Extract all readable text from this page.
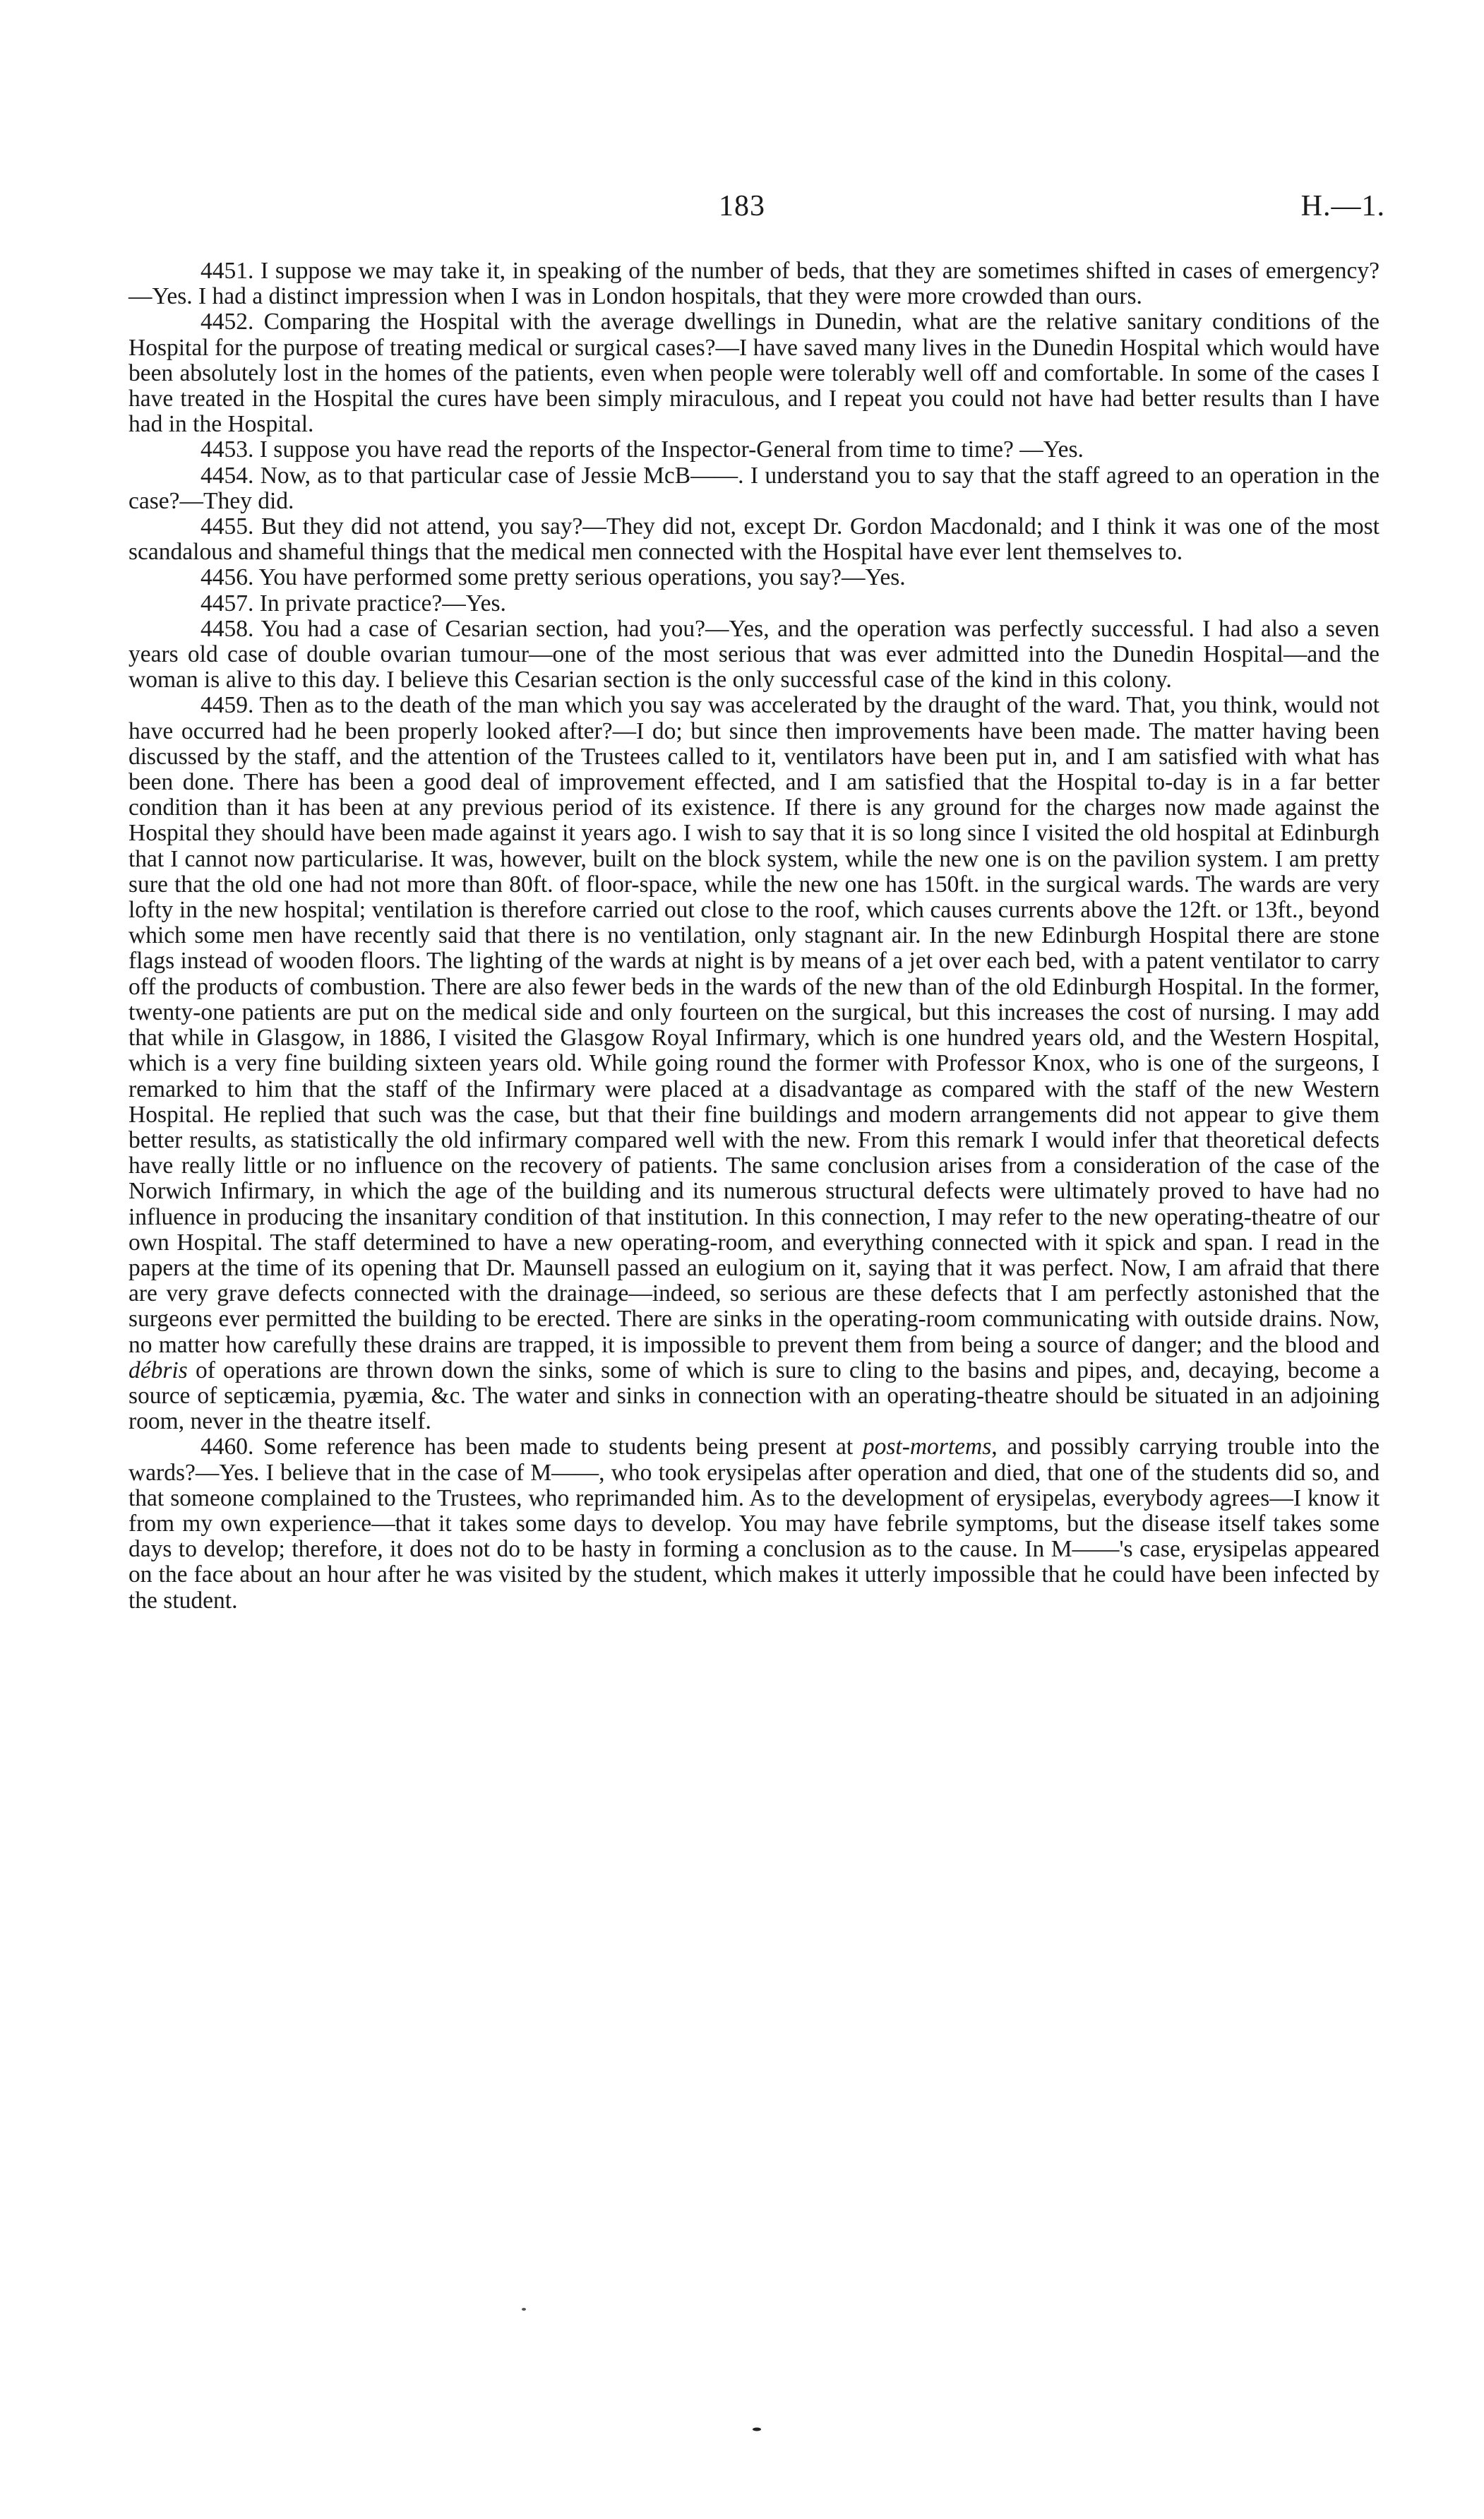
183	H.—1.

4451. I suppose we may take it, in speaking of the number of beds, that they are sometimes shifted in cases of emergency?—Yes. I had a distinct impression when I was in London hospitals, that they were more crowded than ours.

4452. Comparing the Hospital with the average dwellings in Dunedin, what are the relative sanitary conditions of the Hospital for the purpose of treating medical or surgical cases?—I have saved many lives in the Dunedin Hospital which would have been absolutely lost in the homes of the patients, even when people were tolerably well off and comfortable. In some of the cases I have treated in the Hospital the cures have been simply miraculous, and I repeat you could not have had better results than I have had in the Hospital.

4453. I suppose you have read the reports of the Inspector-General from time to time? —Yes.

4454. Now, as to that particular case of Jessie McB——. I understand you to say that the staff agreed to an operation in the case?—They did.

4455. But they did not attend, you say?—They did not, except Dr. Gordon Macdonald; and I think it was one of the most scandalous and shameful things that the medical men connected with the Hospital have ever lent themselves to.

4456. You have performed some pretty serious operations, you say?—Yes.

4457. In private practice?—Yes.

4458. You had a case of Cesarian section, had you?—Yes, and the operation was perfectly successful. I had also a seven years old case of double ovarian tumour—one of the most serious that was ever admitted into the Dunedin Hospital—and the woman is alive to this day. I believe this Cesarian section is the only successful case of the kind in this colony.

4459. Then as to the death of the man which you say was accelerated by the draught of the ward. That, you think, would not have occurred had he been properly looked after?—I do; but since then improvements have been made. The matter having been discussed by the staff, and the attention of the Trustees called to it, ventilators have been put in, and I am satisfied with what has been done. There has been a good deal of improvement effected, and I am satisfied that the Hospital to-day is in a far better condition than it has been at any previous period of its existence. If there is any ground for the charges now made against the Hospital they should have been made against it years ago. I wish to say that it is so long since I visited the old hospital at Edinburgh that I cannot now particularise. It was, however, built on the block system, while the new one is on the pavilion system. I am pretty sure that the old one had not more than 80ft. of floor-space, while the new one has 150ft. in the surgical wards. The wards are very lofty in the new hospital; ventilation is therefore carried out close to the roof, which causes currents above the 12ft. or 13ft., beyond which some men have recently said that there is no ventilation, only stagnant air. In the new Edinburgh Hospital there are stone flags instead of wooden floors. The lighting of the wards at night is by means of a jet over each bed, with a patent ventilator to carry off the products of combustion. There are also fewer beds in the wards of the new than of the old Edinburgh Hospital. In the former, twenty-one patients are put on the medical side and only fourteen on the surgical, but this increases the cost of nursing. I may add that while in Glasgow, in 1886, I visited the Glasgow Royal Infirmary, which is one hundred years old, and the Western Hospital, which is a very fine building sixteen years old. While going round the former with Professor Knox, who is one of the surgeons, I remarked to him that the staff of the Infirmary were placed at a disadvantage as compared with the staff of the new Western Hospital. He replied that such was the case, but that their fine buildings and modern arrangements did not appear to give them better results, as statistically the old infirmary compared well with the new. From this remark I would infer that theoretical defects have really little or no influence on the recovery of patients. The same conclusion arises from a consideration of the case of the Norwich Infirmary, in which the age of the building and its numerous structural defects were ultimately proved to have had no influence in producing the insanitary condition of that institution. In this connection, I may refer to the new operating-theatre of our own Hospital. The staff determined to have a new operating-room, and everything connected with it spick and span. I read in the papers at the time of its opening that Dr. Maunsell passed an eulogium on it, saying that it was perfect. Now, I am afraid that there are very grave defects connected with the drainage—indeed, so serious are these defects that I am perfectly astonished that the surgeons ever permitted the building to be erected. There are sinks in the operating-room communicating with outside drains. Now, no matter how carefully these drains are trapped, it is impossible to prevent them from being a source of danger; and the blood and débris of operations are thrown down the sinks, some of which is sure to cling to the basins and pipes, and, decaying, become a source of septicæmia, pyæmia, &c. The water and sinks in connection with an operating-theatre should be situated in an adjoining room, never in the theatre itself.

4460. Some reference has been made to students being present at post-mortems, and possibly carrying trouble into the wards?—Yes. I believe that in the case of M——, who took erysipelas after operation and died, that one of the students did so, and that someone complained to the Trustees, who reprimanded him. As to the development of erysipelas, everybody agrees—I know it from my own experience—that it takes some days to develop. You may have febrile symptoms, but the disease itself takes some days to develop; therefore, it does not do to be hasty in forming a conclusion as to the cause. In M——'s case, erysipelas appeared on the face about an hour after he was visited by the student, which makes it utterly impossible that he could have been infected by the student.
